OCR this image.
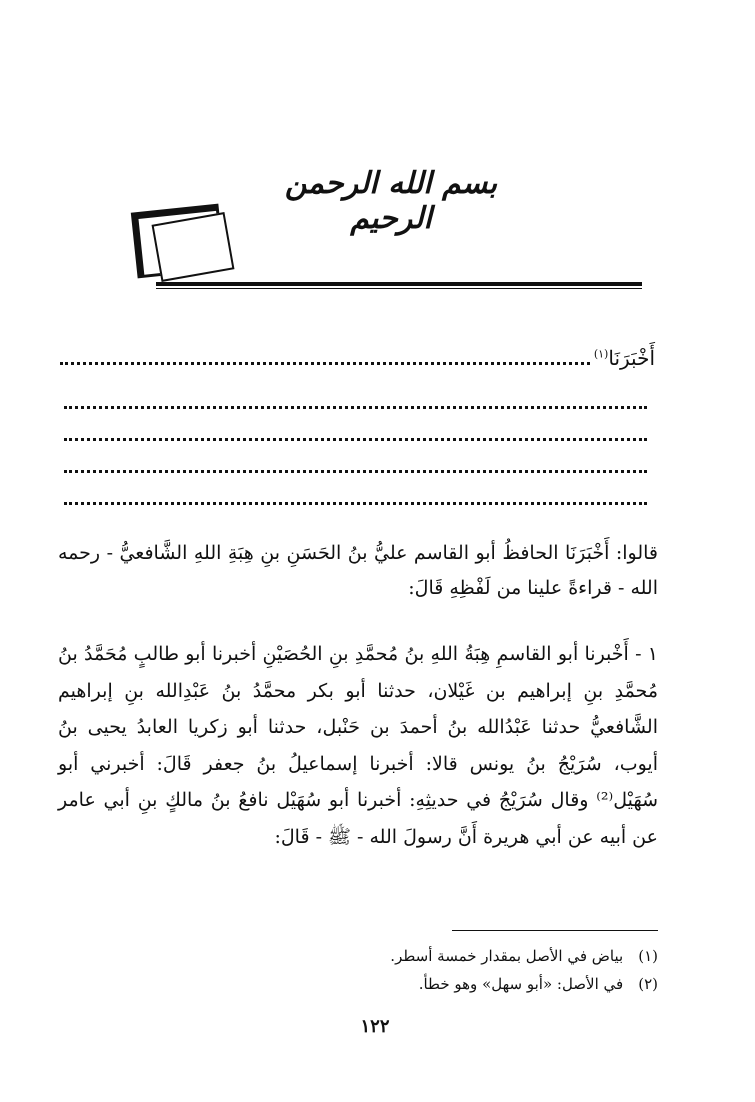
بسم الله الرحمن الرحيم
أَخْبَرَنَا$^{(١)}$

قالوا: أَخْبَرَنَا الحافظُ أبو القاسم عليُّ بنُ الحَسَنِ بنِ هِبَةِ اللهِ الشَّافعيُّ - رحمه الله - قراءةً علينا من لَفْظِهِ قَالَ:

١ - أَخْبرنا أبو القاسمِ هِبَةُ اللهِ بنُ مُحمَّدِ بنِ الحُصَيْنِ أخبرنا أبو طالبٍ مُحَمَّدُ بنُ مُحمَّدِ بنِ إبراهيم بن غَيْلان، حدثنا أبو بكر محمَّدُ بنُ عَبْدِالله بنِ إبراهيم الشَّافعيُّ حدثنا عَبْدُالله بنُ أحمدَ بن حَنْبل، حدثنا أبو زكريا العابدُ يحيى بنُ أيوب، سُرَيْجُ بنُ يونس قالا: أخبرنا إسماعيلُ بنُ جعفر قَالَ: أخبرني أبو سُهَيْل⁽²⁾ وقال سُرَيْجُ في حديثِهِ: أخبرنا أبو سُهَيْل نافعُ بنُ مالكٍ بنِ أبي عامر عن أبيه عن أبي هريرة أَنَّ رسولَ الله - ﷺ - قَالَ:

(١) بياض في الأصل بمقدار خمسة أسطر.

(٢) في الأصل: «أبو سهل» وهو خطأ.

١٢٢
